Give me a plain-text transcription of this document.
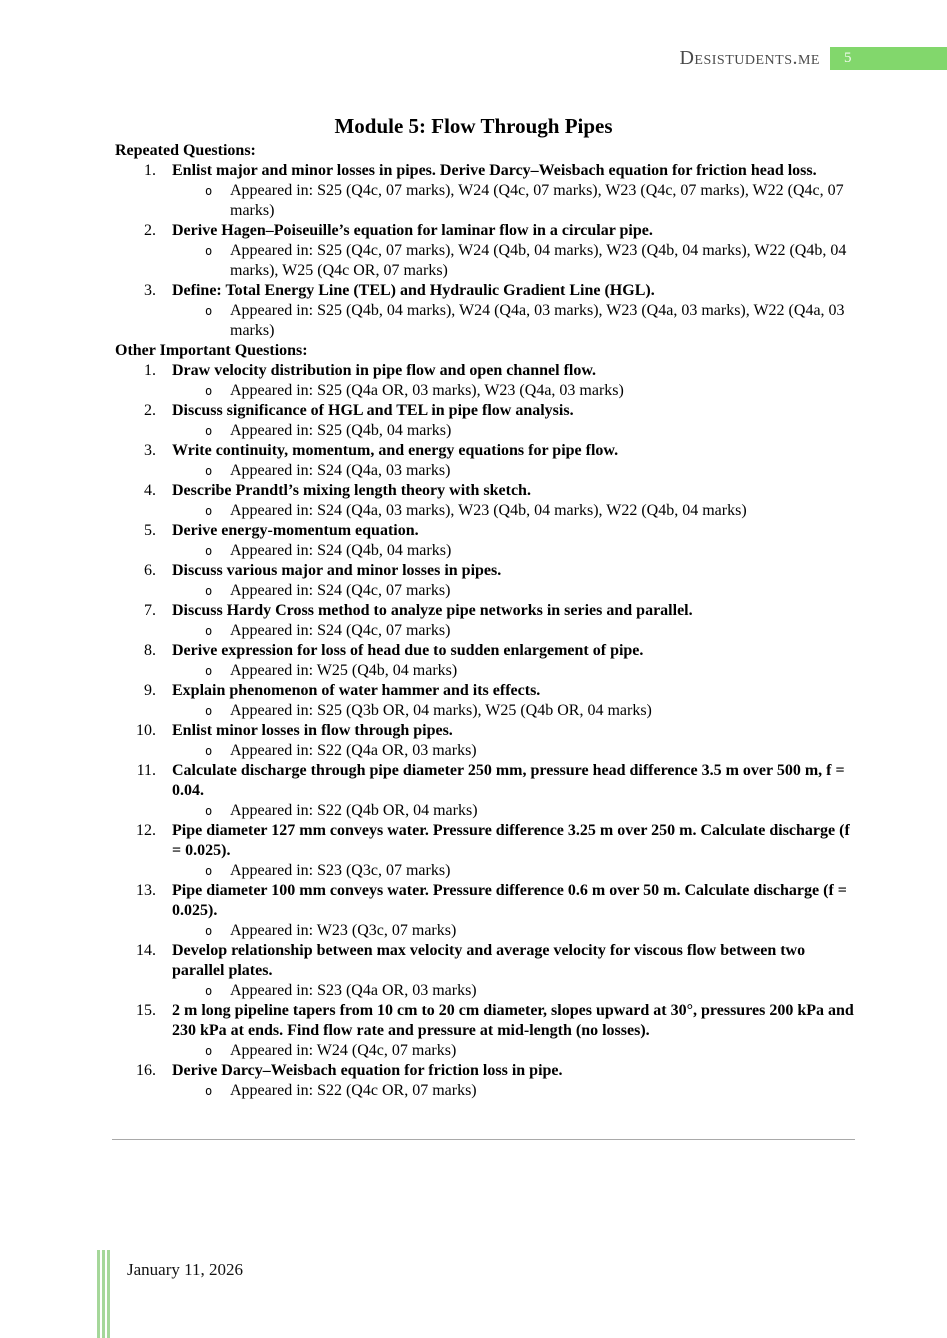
Desistudents.me	5
Module 5: Flow Through Pipes
Repeated Questions:
1. Enlist major and minor losses in pipes. Derive Darcy–Weisbach equation for friction head loss.
o Appeared in: S25 (Q4c, 07 marks), W24 (Q4c, 07 marks), W23 (Q4c, 07 marks), W22 (Q4c, 07 marks)
2. Derive Hagen–Poiseuille’s equation for laminar flow in a circular pipe.
o Appeared in: S25 (Q4c, 07 marks), W24 (Q4b, 04 marks), W23 (Q4b, 04 marks), W22 (Q4b, 04 marks), W25 (Q4c OR, 07 marks)
3. Define: Total Energy Line (TEL) and Hydraulic Gradient Line (HGL).
o Appeared in: S25 (Q4b, 04 marks), W24 (Q4a, 03 marks), W23 (Q4a, 03 marks), W22 (Q4a, 03 marks)
Other Important Questions:
1. Draw velocity distribution in pipe flow and open channel flow.
o Appeared in: S25 (Q4a OR, 03 marks), W23 (Q4a, 03 marks)
2. Discuss significance of HGL and TEL in pipe flow analysis.
o Appeared in: S25 (Q4b, 04 marks)
3. Write continuity, momentum, and energy equations for pipe flow.
o Appeared in: S24 (Q4a, 03 marks)
4. Describe Prandtl’s mixing length theory with sketch.
o Appeared in: S24 (Q4a, 03 marks), W23 (Q4b, 04 marks), W22 (Q4b, 04 marks)
5. Derive energy-momentum equation.
o Appeared in: S24 (Q4b, 04 marks)
6. Discuss various major and minor losses in pipes.
o Appeared in: S24 (Q4c, 07 marks)
7. Discuss Hardy Cross method to analyze pipe networks in series and parallel.
o Appeared in: S24 (Q4c, 07 marks)
8. Derive expression for loss of head due to sudden enlargement of pipe.
o Appeared in: W25 (Q4b, 04 marks)
9. Explain phenomenon of water hammer and its effects.
o Appeared in: S25 (Q3b OR, 04 marks), W25 (Q4b OR, 04 marks)
10. Enlist minor losses in flow through pipes.
o Appeared in: S22 (Q4a OR, 03 marks)
11. Calculate discharge through pipe diameter 250 mm, pressure head difference 3.5 m over 500 m, f = 0.04.
o Appeared in: S22 (Q4b OR, 04 marks)
12. Pipe diameter 127 mm conveys water. Pressure difference 3.25 m over 250 m. Calculate discharge (f = 0.025).
o Appeared in: S23 (Q3c, 07 marks)
13. Pipe diameter 100 mm conveys water. Pressure difference 0.6 m over 50 m. Calculate discharge (f = 0.025).
o Appeared in: W23 (Q3c, 07 marks)
14. Develop relationship between max velocity and average velocity for viscous flow between two parallel plates.
o Appeared in: S23 (Q4a OR, 03 marks)
15. 2 m long pipeline tapers from 10 cm to 20 cm diameter, slopes upward at 30°, pressures 200 kPa and 230 kPa at ends. Find flow rate and pressure at mid-length (no losses).
o Appeared in: W24 (Q4c, 07 marks)
16. Derive Darcy–Weisbach equation for friction loss in pipe.
o Appeared in: S22 (Q4c OR, 07 marks)
January 11, 2026
